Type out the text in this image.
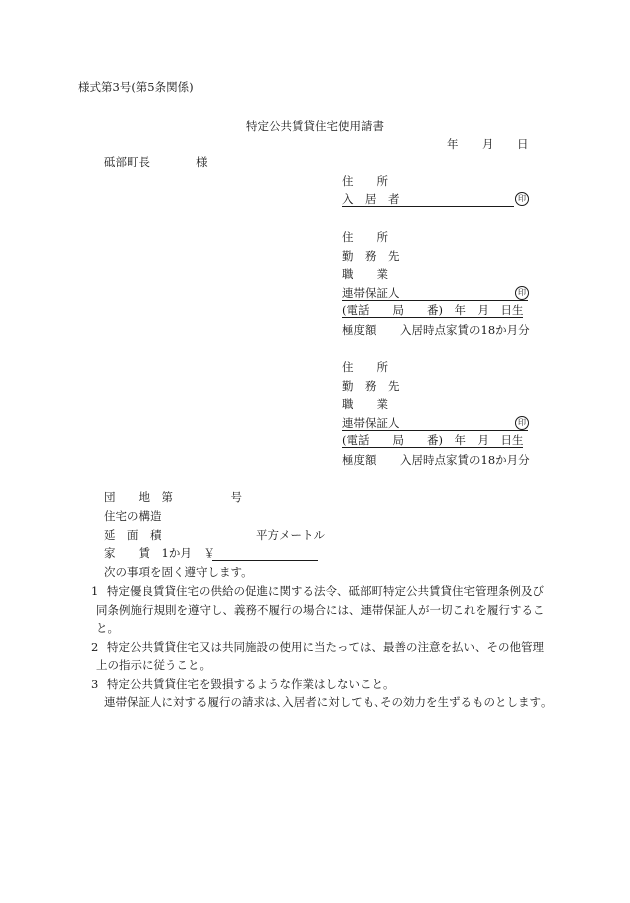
様式第3号(第5条関係)
特定公共賃貸住宅使用請書
年 月 日
砥部町長	様
住　　所
入　居　者	印
住　　所
勤　務　先
職　　業
連帯保証人	印
(電話　　局　　番)　年　月　日生
極度額 入居時点家賃の18か月分
住　　所
勤　務　先
職　　業
連帯保証人	印
(電話　　局　　番)　年　月　日生
極度額 入居時点家賃の18か月分
団　　地　第　　　　　号
住宅の構造
延　面　積	平方メートル
家　　賃　1か月　￥
次の事項を固く遵守します。
1 特定優良賃貸住宅の供給の促進に関する法令、砥部町特定公共賃貸住宅管理条例及び
同条例施行規則を遵守し、義務不履行の場合には、連帯保証人が一切これを履行するこ
と。
2 特定公共賃貸住宅又は共同施設の使用に当たっては、最善の注意を払い、その他管理
上の指示に従うこと。
3 特定公共賃貸住宅を毀損するような作業はしないこと。
連帯保証人に対する履行の請求は､入居者に対しても､その効力を生ずるものとします｡
